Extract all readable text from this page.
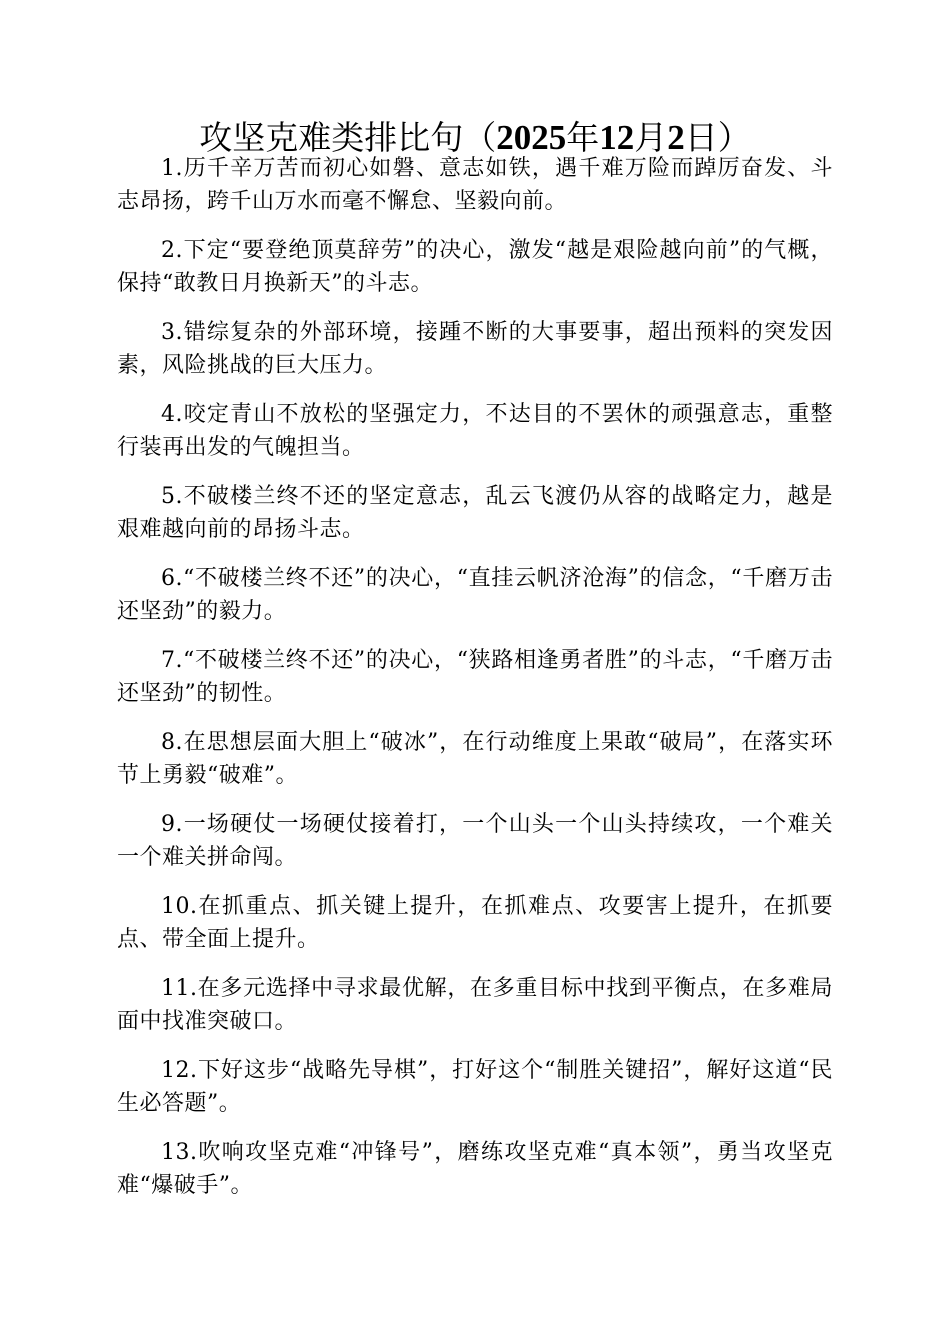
攻坚克难类排比句（2025年12月2日）

1.历千辛万苦而初心如磐、意志如铁，遇千难万险而踔厉奋发、斗志昂扬，跨千山万水而毫不懈怠、坚毅向前。

2.下定“要登绝顶莫辞劳”的决心，激发“越是艰险越向前”的气概，保持“敢教日月换新天”的斗志。

3.错综复杂的外部环境，接踵不断的大事要事，超出预料的突发因素，风险挑战的巨大压力。

4.咬定青山不放松的坚强定力，不达目的不罢休的顽强意志，重整行装再出发的气魄担当。

5.不破楼兰终不还的坚定意志，乱云飞渡仍从容的战略定力，越是艰难越向前的昂扬斗志。

6.“不破楼兰终不还”的决心，“直挂云帆济沧海”的信念，“千磨万击还坚劲”的毅力。

7.“不破楼兰终不还”的决心，“狭路相逢勇者胜”的斗志，“千磨万击还坚劲”的韧性。

8.在思想层面大胆上“破冰”，在行动维度上果敢“破局”，在落实环节上勇毅“破难”。

9.一场硬仗一场硬仗接着打，一个山头一个山头持续攻，一个难关一个难关拼命闯。

10.在抓重点、抓关键上提升，在抓难点、攻要害上提升，在抓要点、带全面上提升。

11.在多元选择中寻求最优解，在多重目标中找到平衡点，在多难局面中找准突破口。

12.下好这步“战略先导棋”，打好这个“制胜关键招”，解好这道“民生必答题”。

13.吹响攻坚克难“冲锋号”，磨练攻坚克难“真本领”，勇当攻坚克难“爆破手”。
